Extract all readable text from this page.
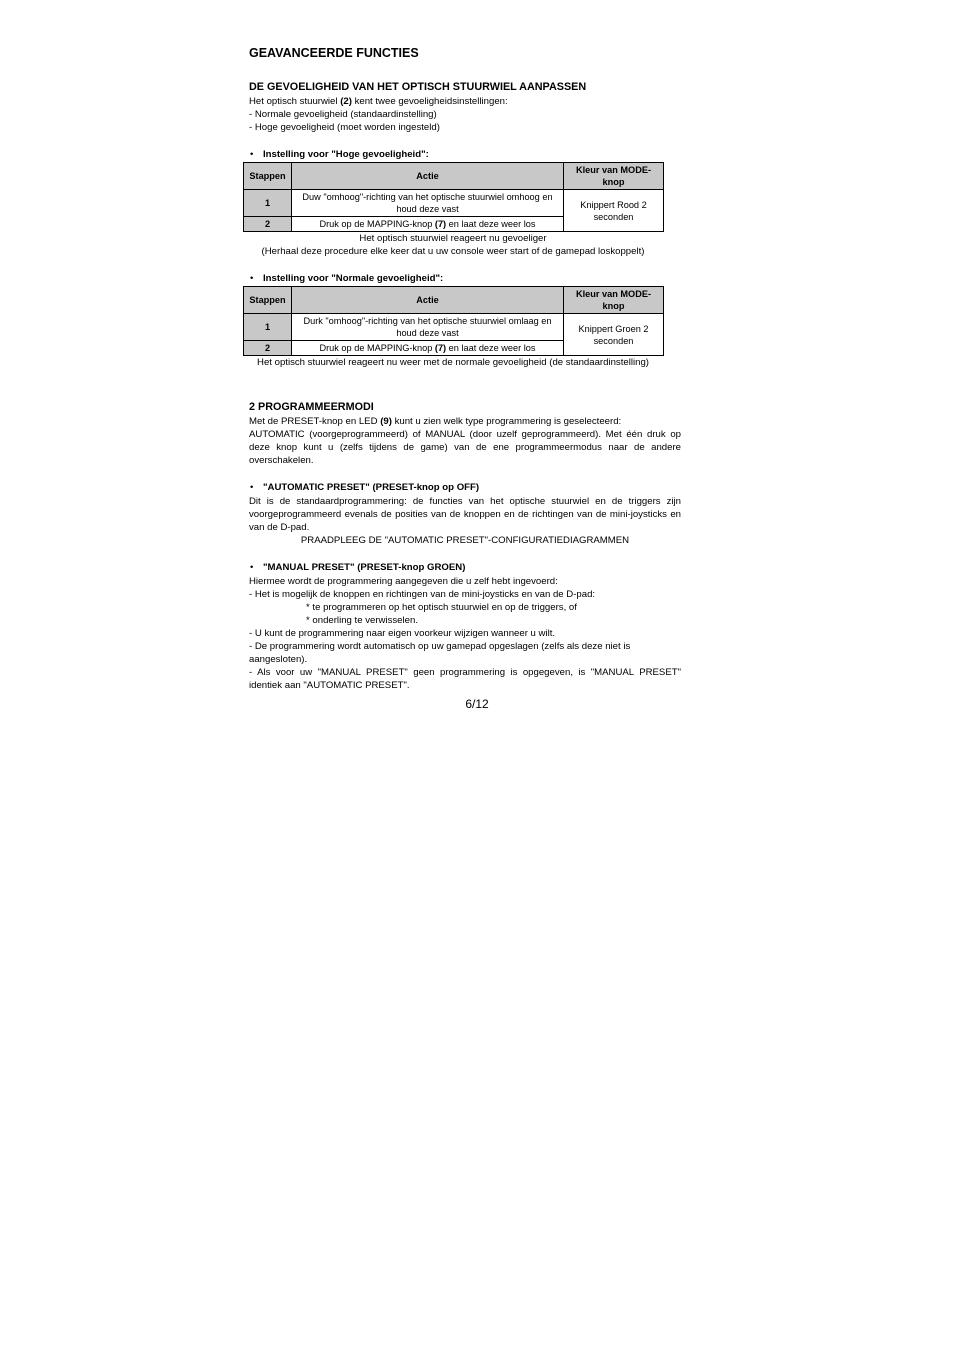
GEAVANCEERDE FUNCTIES
DE GEVOELIGHEID VAN HET OPTISCH STUURWIEL AANPASSEN

Het optisch stuurwiel (2) kent twee gevoeligheidsinstellingen:

- Normale gevoeligheid (standaardinstelling)

- Hoge gevoeligheid (moet worden ingesteld)

• Instelling voor "Hoge gevoeligheid":
Stappen	Actie	Kleur van MODE-knop
1	Duw "omhoog"-richting van het optische stuurwiel omhoog en houd deze vast	Knippert Rood 2 seconden
2	Druk op de MAPPING-knop (7) en laat deze weer los	

Het optisch stuurwiel reageert nu gevoeliger

(Herhaal deze procedure elke keer dat u uw console weer start of de gamepad loskoppelt)

• Instelling voor "Normale gevoeligheid":
Stappen	Actie	Kleur van MODE-knop
1	Durk "omhoog"-richting van het optische stuurwiel omlaag en houd deze vast	Knippert Groen 2 seconden
2	Druk op de MAPPING-knop (7) en laat deze weer los	

Het optisch stuurwiel reageert nu weer met de normale gevoeligheid (de standaardinstelling)

2 PROGRAMMEERMODI

Met de PRESET-knop en LED (9) kunt u zien welk type programmering is geselecteerd:

AUTOMATIC (voorgeprogrammeerd) of MANUAL (door uzelf geprogrammeerd). Met één druk op deze knop kunt u (zelfs tijdens de game) van de ene programmeermodus naar de andere overschakelen.

• "AUTOMATIC PRESET" (PRESET-knop op OFF)

Dit is de standaardprogrammering: de functies van het optische stuurwiel en de triggers zijn voorgeprogrammeerd evenals de posities van de knoppen en de richtingen van de mini-joysticks en van de D-pad.

PRAADPLEEG DE "AUTOMATIC PRESET"-CONFIGURATIEDIAGRAMMEN

• "MANUAL PRESET" (PRESET-knop GROEN)

Hiermee wordt de programmering aangegeven die u zelf hebt ingevoerd:

- Het is mogelijk de knoppen en richtingen van de mini-joysticks en van de D-pad:

* te programmeren op het optisch stuurwiel en op de triggers, of

* onderling te verwisselen.

- U kunt de programmering naar eigen voorkeur wijzigen wanneer u wilt.

- De programmering wordt automatisch op uw gamepad opgeslagen (zelfs als deze niet is aangesloten).

- Als voor uw "MANUAL PRESET" geen programmering is opgegeven, is "MANUAL PRESET" identiek aan "AUTOMATIC PRESET".

6/12
